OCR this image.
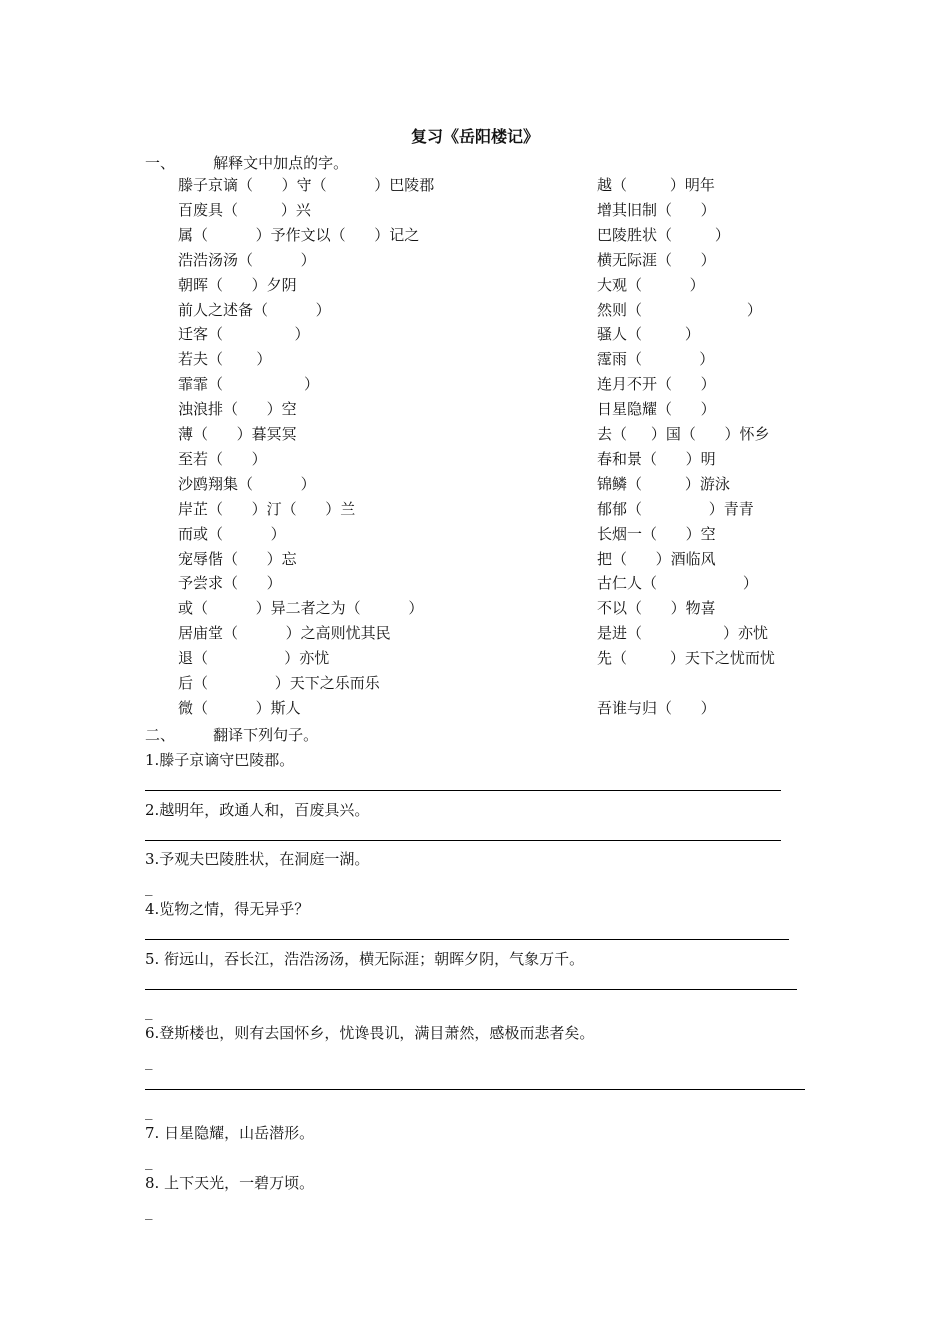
复习《岳阳楼记》
一、        解释文中加点的字。
滕子京谪（      ）守（          ）巴陵郡
百废具（         ）兴
属（          ）予作文以（      ）记之
浩浩汤汤（          ）
朝晖（      ）夕阴
前人之述备（          ）
迁客（               ）
若夫（       ）
霏霏（                 ）
浊浪排（      ）空
薄（      ）暮冥冥
至若（      ）
沙鸥翔集（          ）
岸芷（      ）汀（      ）兰
而或（          ）
宠辱偕（      ）忘
予尝求（      ）
或（          ）异二者之为（          ）
居庙堂（          ）之高则忧其民
退（                ）亦忧
后（              ）天下之乐而乐
微（          ）斯人
越（         ）明年
增其旧制（      ）
巴陵胜状（         ）
横无际涯（      ）
大观（          ）
然则（                      ）
骚人（         ）
霪雨（            ）
连月不开（      ）
日星隐耀（      ）
去（     ）国（      ）怀乡
春和景（      ）明
锦鳞（         ）游泳
郁郁（              ）青青
长烟一（      ）空
把（      ）酒临风
古仁人（                  ）
不以（      ）物喜
是进（                 ）亦忧
先（         ）天下之忧而忧
吾谁与归（      ）
二、        翻译下列句子。
1.滕子京谪守巴陵郡。
2.越明年，政通人和，百废具兴。
3.予观夫巴陵胜状，在洞庭一湖。
_
4.览物之情，得无异乎？
5. 衔远山，吞长江，浩浩汤汤，横无际涯；朝晖夕阴，气象万千。
_
6.登斯楼也，则有去国怀乡，忧谗畏讥，满目萧然，感极而悲者矣。
_
_
7. 日星隐耀，山岳潜形。
_
8. 上下天光，一碧万顷。
_
